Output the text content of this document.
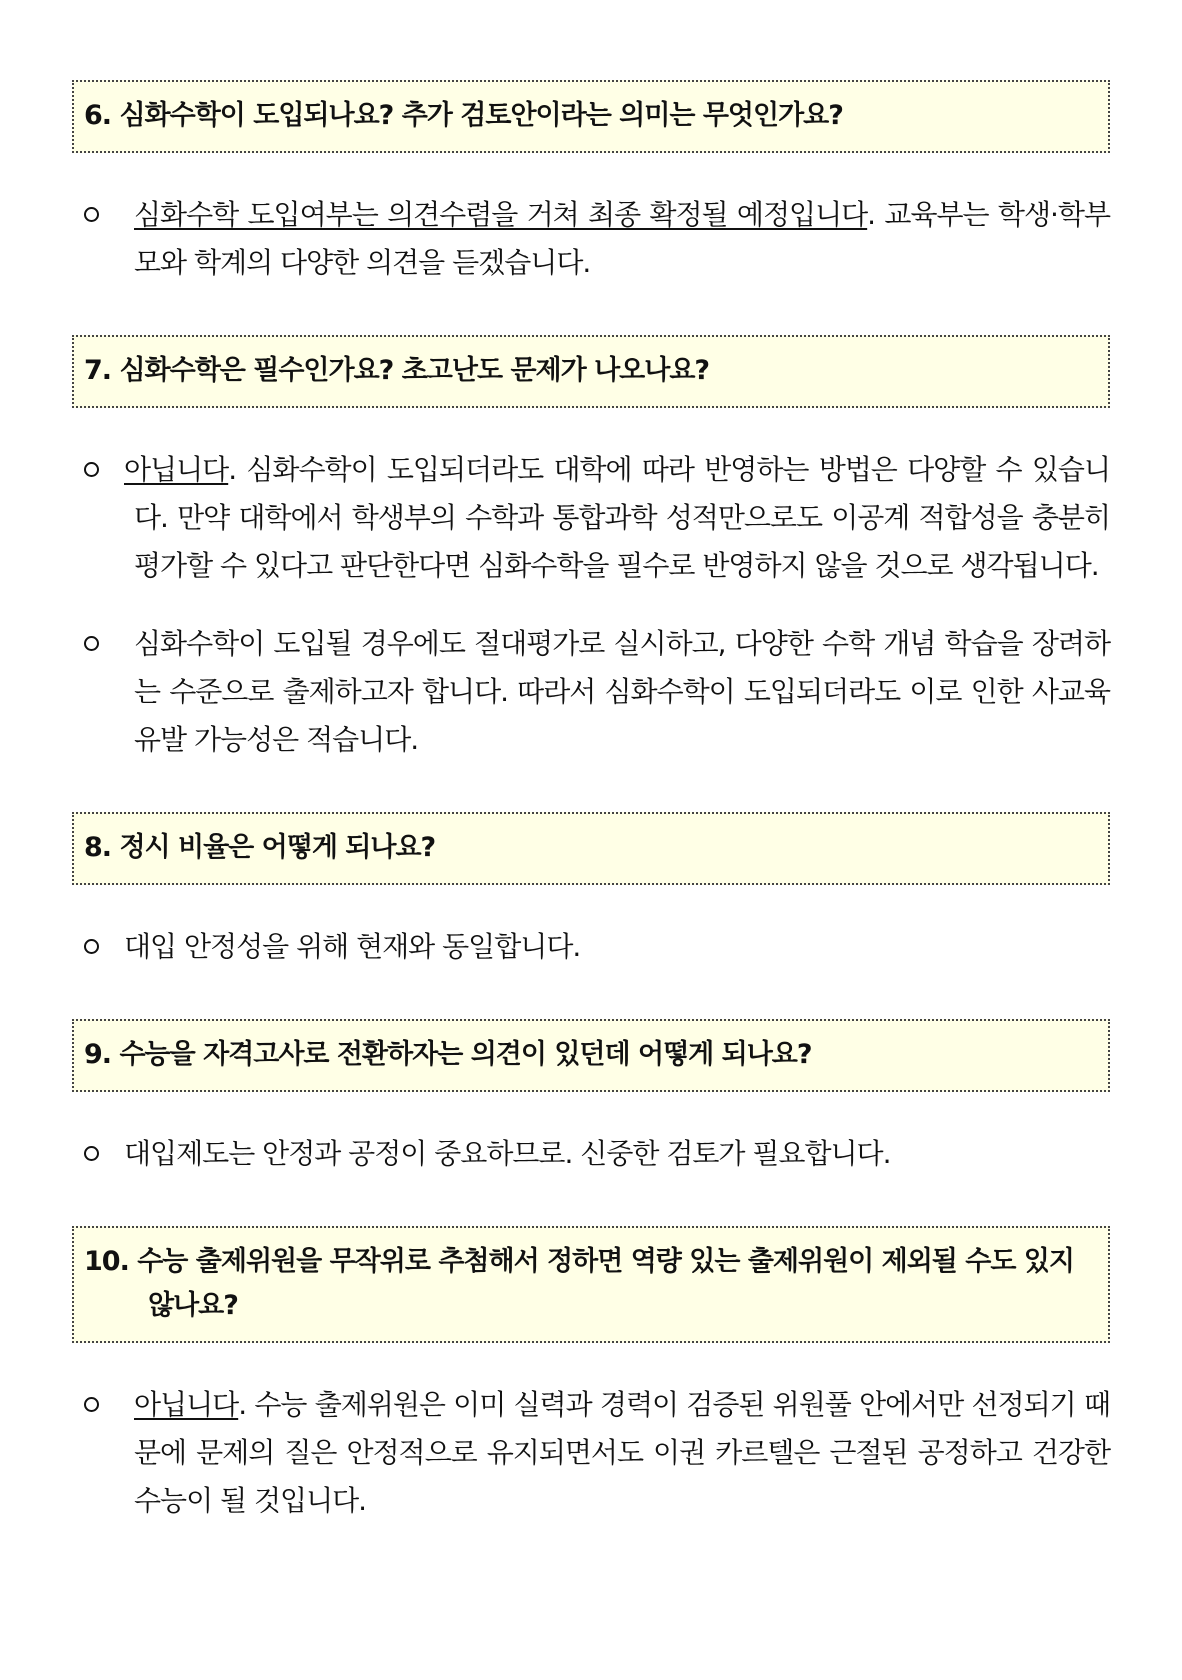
6. 심화수학이 도입되나요? 추가 검토안이라는 의미는 무엇인가요?
심화수학 도입여부는 의견수렴을 거쳐 최종 확정될 예정입니다. 교육부는 학생·학부모와 학계의 다양한 의견을 듣겠습니다.
7. 심화수학은 필수인가요? 초고난도 문제가 나오나요?
아닙니다. 심화수학이 도입되더라도 대학에 따라 반영하는 방법은 다양할 수 있습니다. 만약 대학에서 학생부의 수학과 통합과학 성적만으로도 이공계 적합성을 충분히 평가할 수 있다고 판단한다면 심화수학을 필수로 반영하지 않을 것으로 생각됩니다.
심화수학이 도입될 경우에도 절대평가로 실시하고, 다양한 수학 개념 학습을 장려하는 수준으로 출제하고자 합니다. 따라서 심화수학이 도입되더라도 이로 인한 사교육 유발 가능성은 적습니다.
8. 정시 비율은 어떻게 되나요?
대입 안정성을 위해 현재와 동일합니다.
9. 수능을 자격고사로 전환하자는 의견이 있던데 어떻게 되나요?
대입제도는 안정과 공정이 중요하므로. 신중한 검토가 필요합니다.
10. 수능 출제위원을 무작위로 추첨해서 정하면 역량 있는 출제위원이 제외될 수도 있지 않나요?
아닙니다. 수능 출제위원은 이미 실력과 경력이 검증된 위원풀 안에서만 선정되기 때문에 문제의 질은 안정적으로 유지되면서도 이권 카르텔은 근절된 공정하고 건강한 수능이 될 것입니다.
